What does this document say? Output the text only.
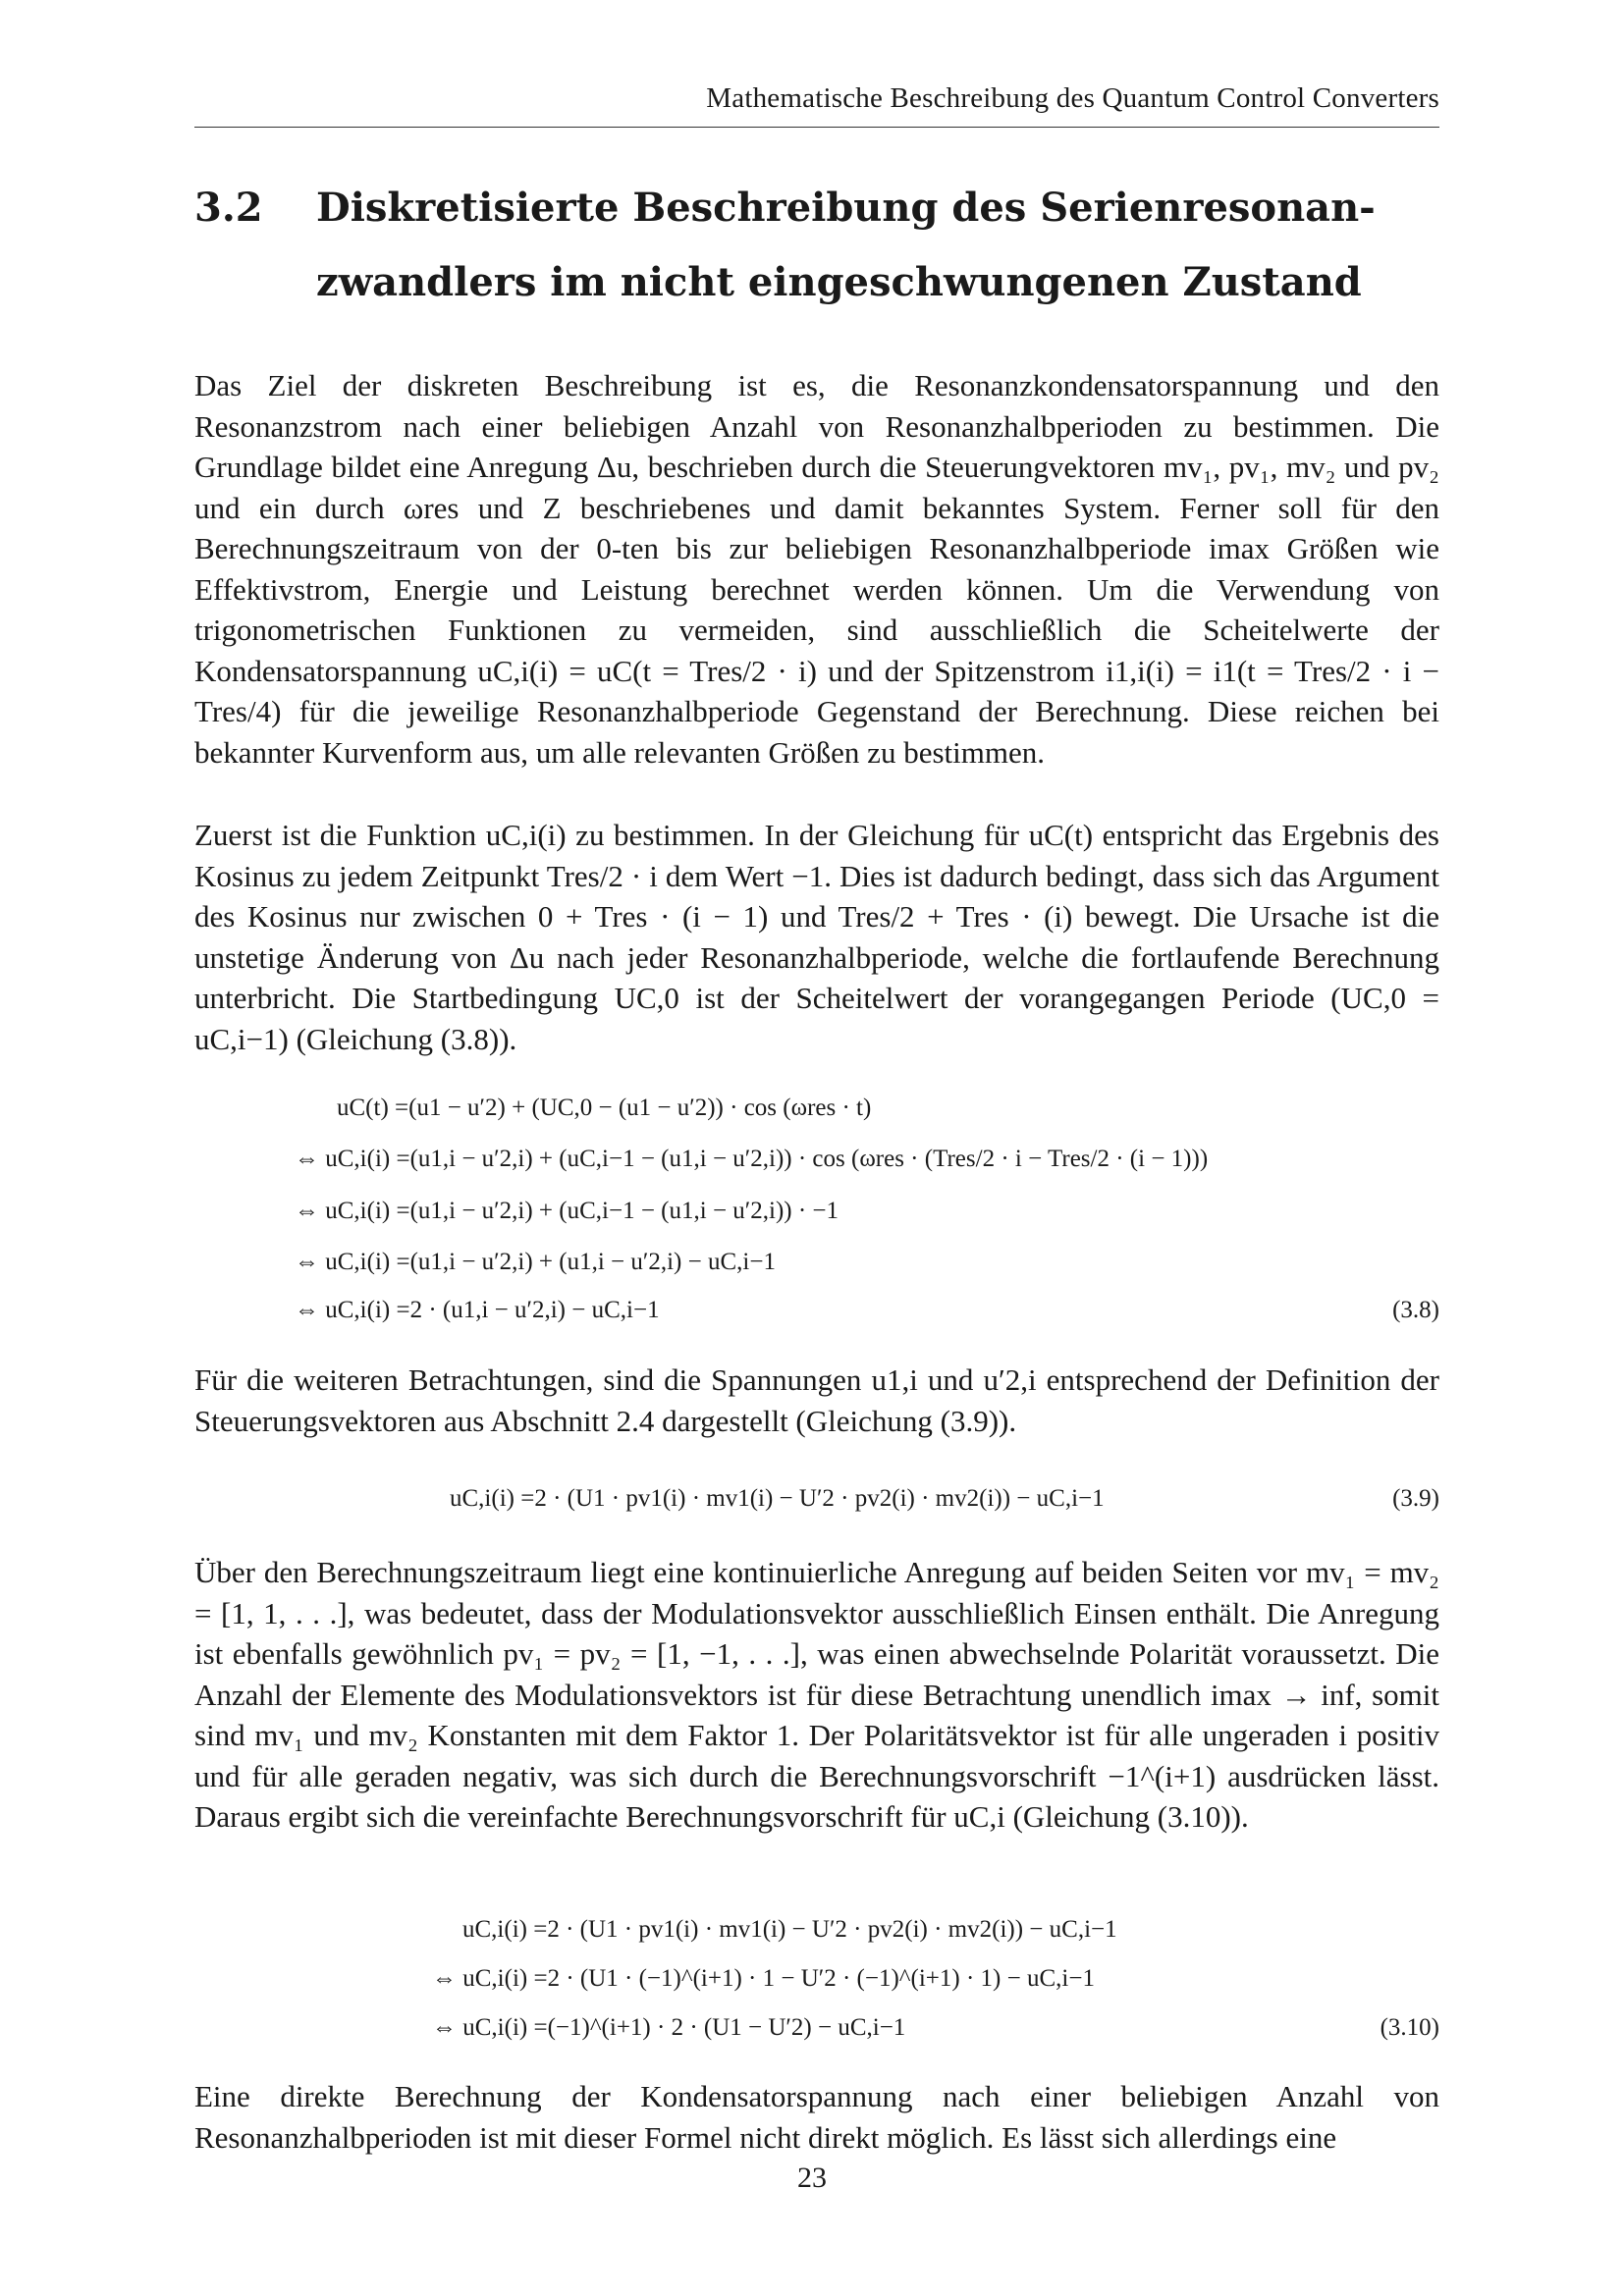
Mathematische Beschreibung des Quantum Control Converters
3.2 Diskretisierte Beschreibung des Serienresonan-
zwandlers im nicht eingeschwungenen Zustand

Das Ziel der diskreten Beschreibung ist es, die Resonanzkondensatorspannung und den Resonanzstrom nach einer beliebigen Anzahl von Resonanzhalbperioden zu bestimmen. Die Grundlage bildet eine Anregung Δu, beschrieben durch die Steuerungvektoren mv₁, pv₁, mv₂ und pv₂ und ein durch ωres und Z beschriebenes und damit bekanntes System. Ferner soll für den Berechnungszeitraum von der 0-ten bis zur beliebigen Resonanzhalbperiode imax Größen wie Effektivstrom, Energie und Leistung berechnet werden können. Um die Verwendung von trigonometrischen Funktionen zu vermeiden, sind ausschließlich die Scheitelwerte der Kondensatorspannung uC,i(i) = uC(t = Tres/2 · i) und der Spitzenstrom i1,i(i) = i1(t = Tres/2 · i − Tres/4) für die jeweilige Resonanzhalbperiode Gegenstand der Berechnung. Diese reichen bei bekannter Kurvenform aus, um alle relevanten Größen zu bestimmen.

Zuerst ist die Funktion uC,i(i) zu bestimmen. In der Gleichung für uC(t) entspricht das Ergebnis des Kosinus zu jedem Zeitpunkt Tres/2 · i dem Wert −1. Dies ist dadurch bedingt, dass sich das Argument des Kosinus nur zwischen 0 + Tres · (i − 1) und Tres/2 + Tres · (i) bewegt. Die Ursache ist die unstetige Änderung von Δu nach jeder Resonanzhalbperiode, welche die fortlaufende Berechnung unterbricht. Die Startbedingung UC,0 ist der Scheitelwert der vorangegangen Periode (UC,0 = uC,i−1) (Gleichung (3.8)).

uC(t) =(u1 − u′2) + (UC,0 − (u1 − u′2)) · cos (ωres · t)
⇔ uC,i(i) =(u1,i − u′2,i) + (uC,i−1 − (u1,i − u′2,i)) · cos (ωres · (Tres/2 · i − Tres/2 · (i − 1)))
⇔ uC,i(i) =(u1,i − u′2,i) + (uC,i−1 − (u1,i − u′2,i)) · −1
⇔ uC,i(i) =(u1,i − u′2,i) + (u1,i − u′2,i) − uC,i−1
⇔ uC,i(i) =2 · (u1,i − u′2,i) − uC,i−1	(3.8)

Für die weiteren Betrachtungen, sind die Spannungen u1,i und u′2,i entsprechend der Definition der Steuerungsvektoren aus Abschnitt 2.4 dargestellt (Gleichung (3.9)).

uC,i(i) =2 · (U1 · pv1(i) · mv1(i) − U′2 · pv2(i) · mv2(i)) − uC,i−1	(3.9)

Über den Berechnungszeitraum liegt eine kontinuierliche Anregung auf beiden Seiten vor mv₁ = mv₂ = [1, 1, . . .], was bedeutet, dass der Modulationsvektor ausschließlich Einsen enthält. Die Anregung ist ebenfalls gewöhnlich pv₁ = pv₂ = [1, −1, . . .], was einen abwechselnde Polarität voraussetzt. Die Anzahl der Elemente des Modulationsvektors ist für diese Betrachtung unendlich imax → inf, somit sind mv₁ und mv₂ Konstanten mit dem Faktor 1. Der Polaritätsvektor ist für alle ungeraden i positiv und für alle geraden negativ, was sich durch die Berechnungsvorschrift −1^(i+1) ausdrücken lässt. Daraus ergibt sich die vereinfachte Berechnungsvorschrift für uC,i (Gleichung (3.10)).

uC,i(i) =2 · (U1 · pv1(i) · mv1(i) − U′2 · pv2(i) · mv2(i)) − uC,i−1
⇔ uC,i(i) =2 · (U1 · (−1)^(i+1) · 1 − U′2 · (−1)^(i+1) · 1) − uC,i−1
⇔ uC,i(i) =(−1)^(i+1) · 2 · (U1 − U′2) − uC,i−1	(3.10)

Eine direkte Berechnung der Kondensatorspannung nach einer beliebigen Anzahl von Resonanzhalbperioden ist mit dieser Formel nicht direkt möglich. Es lässt sich allerdings eine

23
